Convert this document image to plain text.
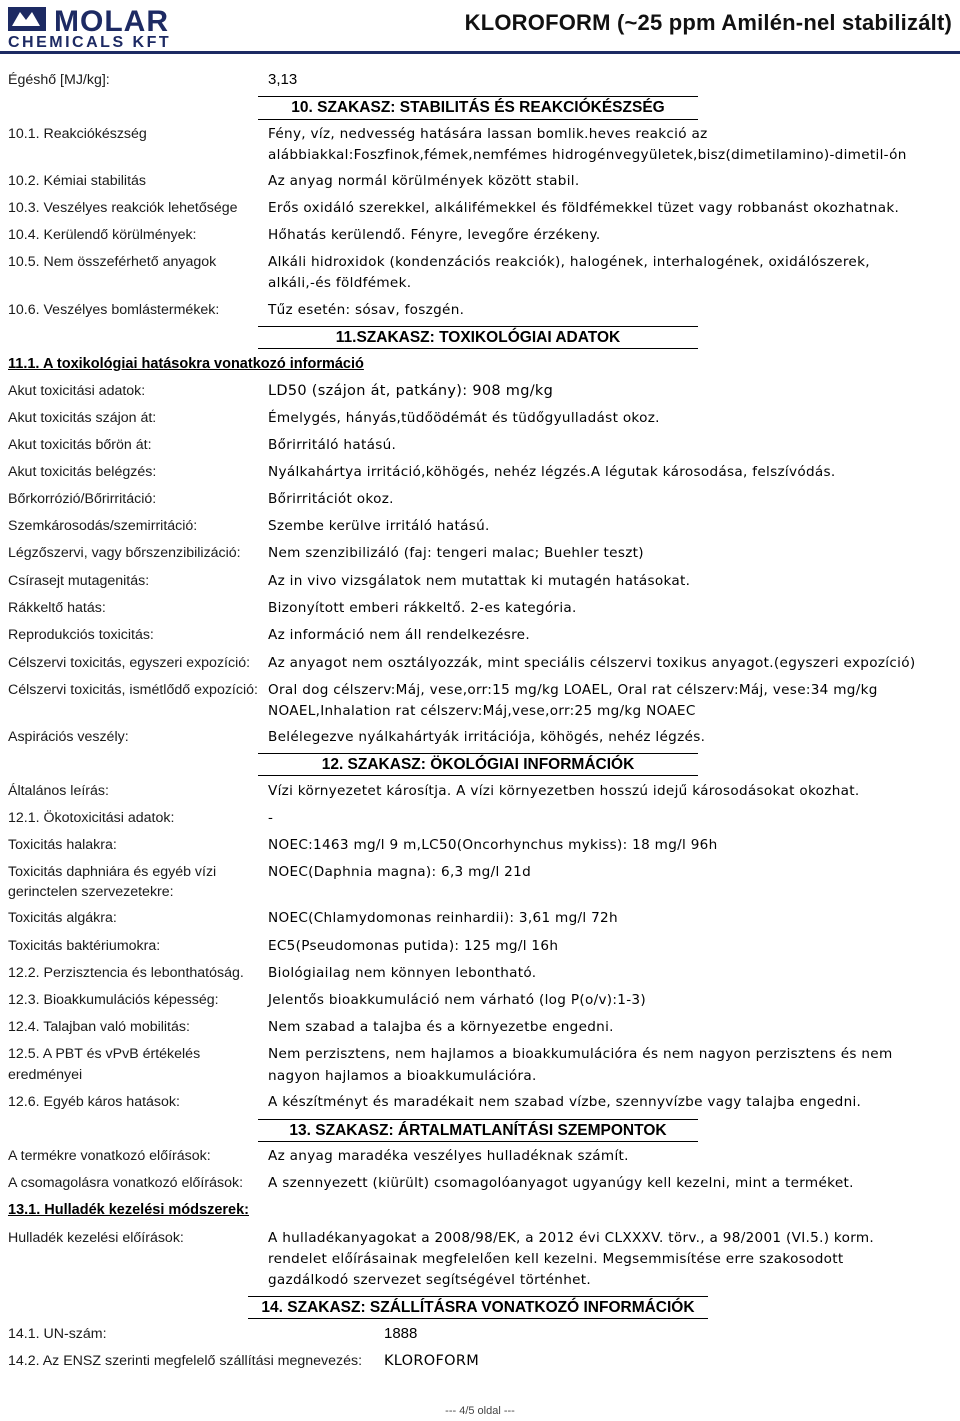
MOLAR
CHEMICALS KFT
KLOROFORM (~25 ppm Amilén-nel stabilizált)
Égéshő [MJ/kg]:	3,13
10. SZAKASZ: STABILITÁS ÉS REAKCIÓKÉSZSÉG
10.1. Reakciókészség	Fény, víz, nedvesség hatására lassan bomlik.heves reakció az
alábbiakkal:Foszfinok,fémek,nemfémes hidrogénvegyületek,bisz(dimetilamino)-dimetil-ón
10.2. Kémiai stabilitás	Az anyag normál körülmények között stabil.
10.3. Veszélyes reakciók lehetősége Erős oxidáló szerekkel, alkálifémekkel és földfémekkel tüzet vagy robbanást okozhatnak.
10.4. Kerülendő körülmények:	Hőhatás kerülendő. Fényre, levegőre érzékeny.
10.5. Nem összeférhető anyagok	Alkáli hidroxidok (kondenzációs reakciók), halogének, interhalogének, oxidálószerek,
alkáli,-és földfémek.
10.6. Veszélyes bomlástermékek:	Tűz esetén: sósav, foszgén.
11.SZAKASZ: TOXIKOLÓGIAI ADATOK
11.1. A toxikológiai hatásokra vonatkozó információ
Akut toxicitási adatok:	LD50 (szájon át, patkány): 908 mg/kg
Akut toxicitás szájon át:	Émelygés, hányás,tüdőödémát és tüdőgyulladást okoz.
Akut toxicitás bőrön át:	Bőrirritáló hatású.
Akut toxicitás belégzés:	Nyálkahártya irritáció,köhögés, nehéz légzés.A légutak károsodása, felszívódás.
Bőrkorrózió/Bőrirritáció:	Bőrirritációt okoz.
Szemkárosodás/szemirritáció:	Szembe kerülve irritáló hatású.
Légzőszervi, vagy bőrszenzibilizáció: Nem szenzibilizáló (faj: tengeri malac; Buehler teszt)
Csírasejt mutagenitás:	Az in vivo vizsgálatok nem mutattak ki mutagén hatásokat.
Rákkeltő hatás:	Bizonyított emberi rákkeltő. 2-es kategória.
Reprodukciós toxicitás:	Az információ nem áll rendelkezésre.
Célszervi toxicitás, egyszeri expozíció: Az anyagot nem osztályozzák, mint speciális célszervi toxikus anyagot.(egyszeri expozíció)
Célszervi toxicitás, ismétlődő expozíció: Oral dog célszerv:Máj, vese,orr:15 mg/kg LOAEL, Oral rat célszerv:Máj, vese:34 mg/kg
NOAEL,Inhalation rat célszerv:Máj,vese,orr:25 mg/kg NOAEC
Aspirációs veszély:	Belélegezve nyálkahártyák irritációja, köhögés, nehéz légzés.
12. SZAKASZ: ÖKOLÓGIAI INFORMÁCIÓK
Általános leírás:	Vízi környezetet károsítja. A vízi környezetben hosszú idejű károsodásokat okozhat.
12.1. Ökotoxicitási adatok:	-
Toxicitás halakra:	NOEC:1463 mg/l 9 m,LC50(Oncorhynchus mykiss): 18 mg/l 96h
Toxicitás daphniára és egyéb vízi
gerinctelen szervezetekre:
NOEC(Daphnia magna): 6,3 mg/l 21d
Toxicitás algákra:	NOEC(Chlamydomonas reinhardii): 3,61 mg/l 72h
Toxicitás baktériumokra:	EC5(Pseudomonas putida): 125 mg/l 16h
12.2. Perzisztencia és lebonthatóság. Biológiailag nem könnyen lebontható.
12.3. Bioakkumulációs képesség:	Jelentős bioakkumuláció nem várható (log P(o/v):1-3)
12.4. Talajban való mobilitás:	Nem szabad a talajba és a környezetbe engedni.
12.5. A PBT és vPvB értékelés
eredményei
Nem perzisztens, nem hajlamos a bioakkumulációra és nem nagyon perzisztens és nem
nagyon hajlamos a bioakkumulációra.
12.6. Egyéb káros hatások:	A készítményt és maradékait nem szabad vízbe, szennyvízbe vagy talajba engedni.
13. SZAKASZ: ÁRTALMATLANÍTÁSI SZEMPONTOK
A termékre vonatkozó előírások:	Az anyag maradéka veszélyes hulladéknak számít.
A csomagolásra vonatkozó előírások: A szennyezett (kiürült) csomagolóanyagot ugyanúgy kell kezelni, mint a terméket.
13.1. Hulladék kezelési módszerek:
Hulladék kezelési előírások:	A hulladékanyagokat a 2008/98/EK, a 2012 évi CLXXXV. törv., a 98/2001 (VI.5.) korm.
rendelet előírásainak megfelelően kell kezelni. Megsemmisítése erre szakosodott
gazdálkodó szervezet segítségével történhet.
14. SZAKASZ: SZÁLLÍTÁSRA VONATKOZÓ INFORMÁCIÓK
14.1. UN-szám:	1888
14.2. Az ENSZ szerinti megfelelő szállítási megnevezés: KLOROFORM
--- 4/5 oldal ---
